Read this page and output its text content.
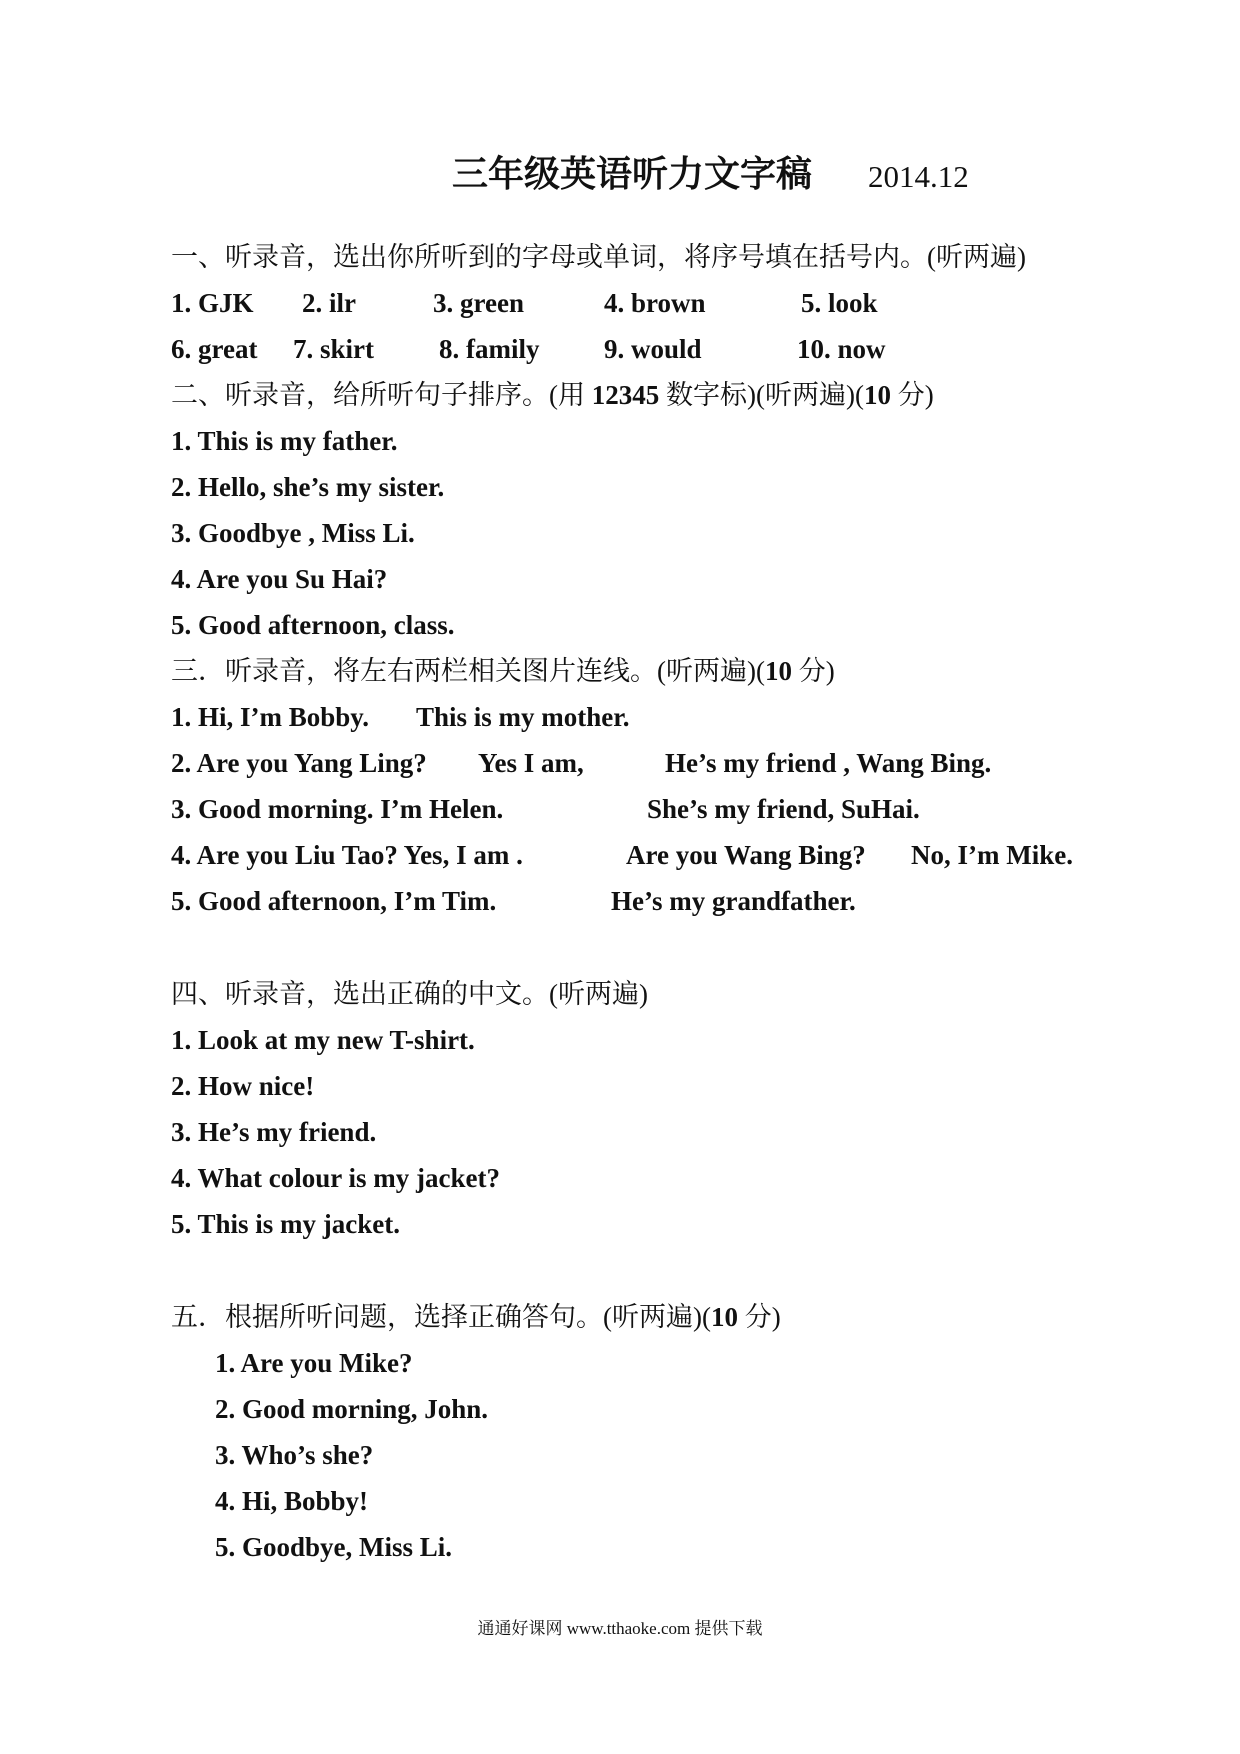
三年级英语听力文字稿 2014.12
一、听录音，选出你所听到的字母或单词，将序号填在括号内。(听两遍)
1. GJK 2. ilr	3. green	4. brown	5. look
6. great 7. skirt 8. family 9. would	10. now
二、听录音，给所听句子排序。(用 12345 数字标)(听两遍)(10 分)
1. This is my father.
2. Hello, she’s my sister.
3. Goodbye , Miss Li.
4. Are you Su Hai?
5. Good afternoon, class.
三．听录音，将左右两栏相关图片连线。(听两遍)(10 分)
1. Hi, I’m Bobby. This is my mother.
2. Are you Yang Ling? Yes I am,	He’s my friend , Wang Bing.
3. Good morning. I’m Helen.	She’s my friend, SuHai.
4. Are you Liu Tao? Yes, I am .	Are you Wang Bing? No, I’m Mike.
5. Good afternoon, I’m Tim.	He’s my grandfather.
四、听录音，选出正确的中文。(听两遍)
1. Look at my new T-shirt.
2. How nice!
3. He’s my friend.
4. What colour is my jacket?
5. This is my jacket.
五．根据所听问题，选择正确答句。(听两遍)(10 分)
1. Are you Mike?
2. Good morning, John.
3. Who’s she?
4. Hi, Bobby!
5. Goodbye, Miss Li.
通通好课网 www.tthaoke.com 提供下载
